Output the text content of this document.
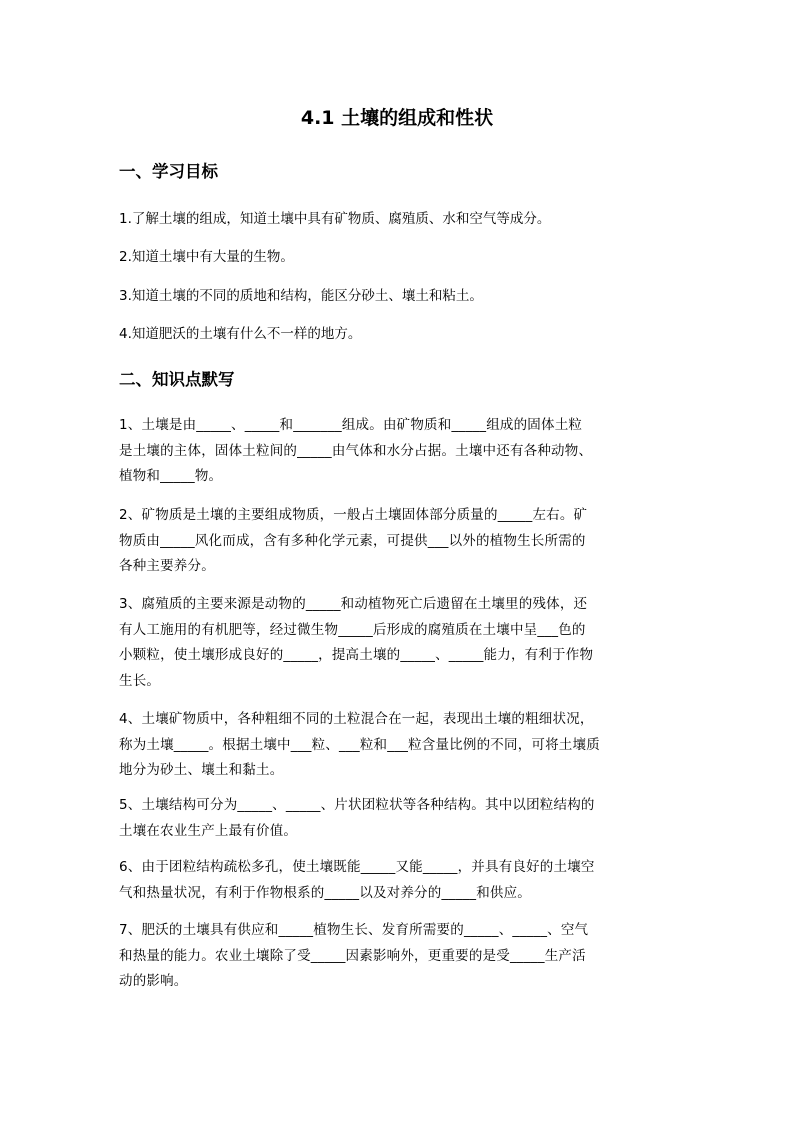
4.1 土壤的组成和性状
一、学习目标

1.了解土壤的组成，知道土壤中具有矿物质、腐殖质、水和空气等成分。

2.知道土壤中有大量的生物。

3.知道土壤的不同的质地和结构，能区分砂土、壤土和粘土。

4.知道肥沃的土壤有什么不一样的地方。

二、知识点默写
1、土壤是由_____、_____和_______组成。由矿物质和_____组成的固体土粒
是土壤的主体，固体土粒间的_____由气体和水分占据。土壤中还有各种动物、
植物和_____物。
2、矿物质是土壤的主要组成物质，一般占土壤固体部分质量的_____左右。矿
物质由_____风化而成，含有多种化学元素，可提供___以外的植物生长所需的
各种主要养分。
3、腐殖质的主要来源是动物的_____和动植物死亡后遗留在土壤里的残体，还
有人工施用的有机肥等，经过微生物_____后形成的腐殖质在土壤中呈___色的
小颗粒，使土壤形成良好的_____，提高土壤的_____、_____能力，有利于作物
生长。
4、土壤矿物质中，各种粗细不同的土粒混合在一起，表现出土壤的粗细状况，
称为土壤_____。根据土壤中___粒、___粒和___粒含量比例的不同，可将土壤质
地分为砂土、壤土和黏土。
5、土壤结构可分为_____、_____、片状团粒状等各种结构。其中以团粒结构的
土壤在农业生产上最有价值。
6、由于团粒结构疏松多孔，使土壤既能_____又能_____，并具有良好的土壤空
气和热量状况，有利于作物根系的_____以及对养分的_____和供应。
7、肥沃的土壤具有供应和_____植物生长、发育所需要的_____、_____、空气
和热量的能力。农业土壤除了受_____因素影响外，更重要的是受_____生产活
动的影响。
